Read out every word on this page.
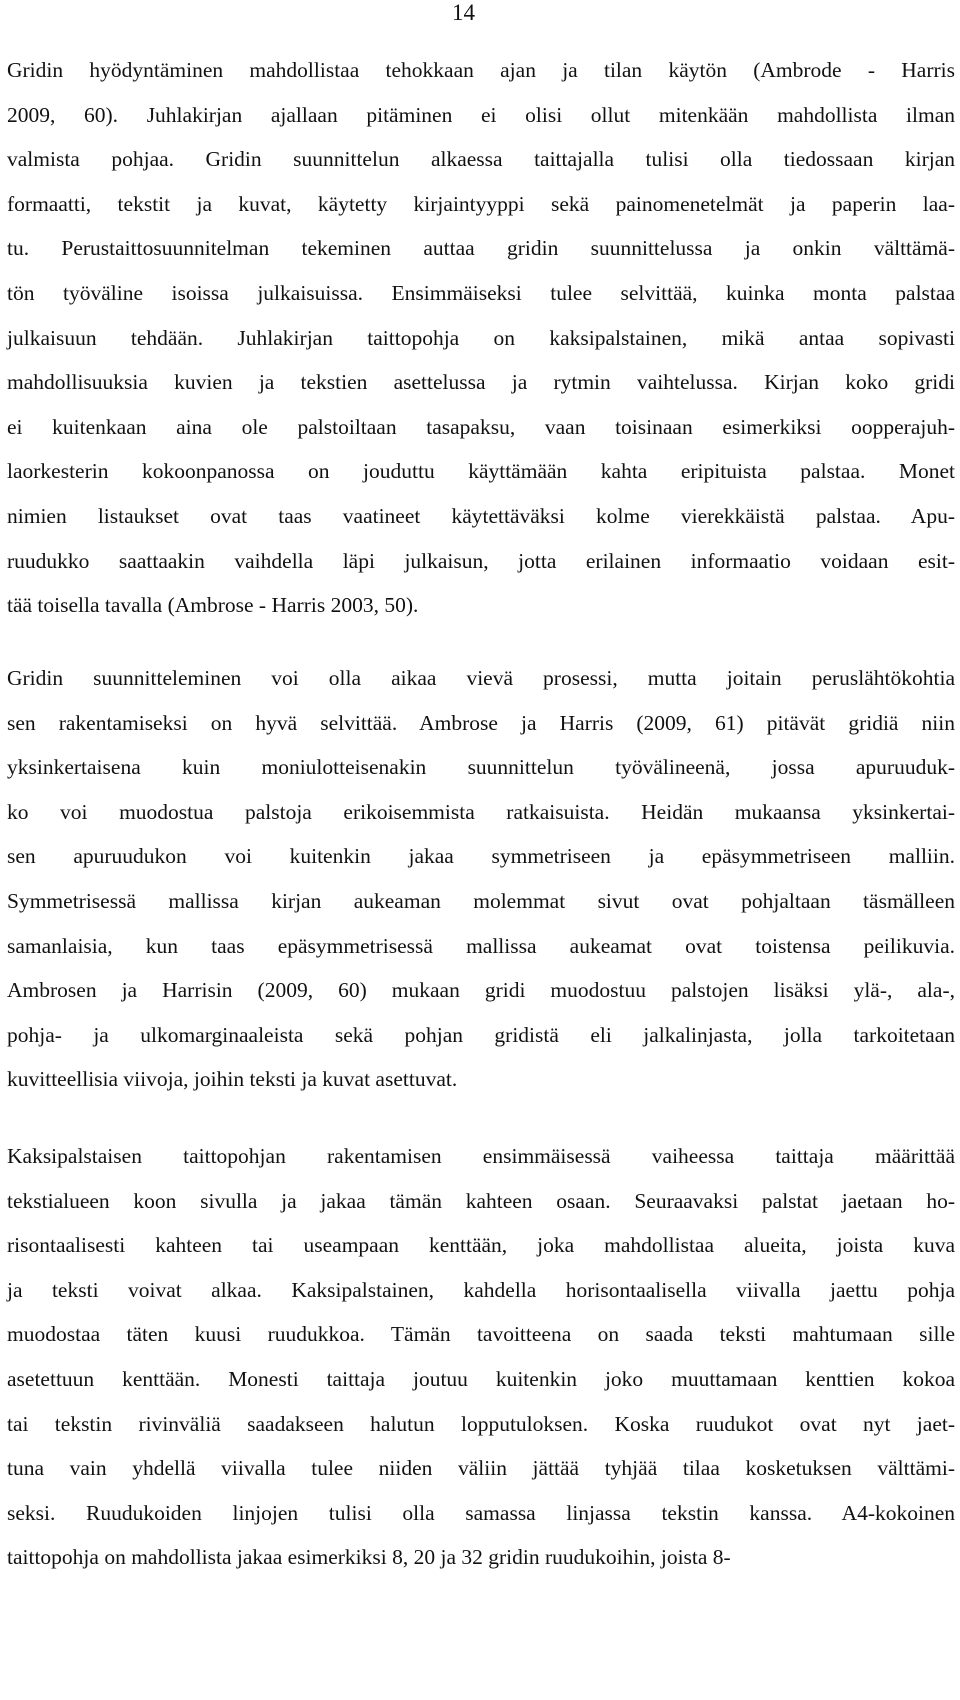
14
Gridin hyödyntäminen mahdollistaa tehokkaan ajan ja tilan käytön (Ambrode - Harris
2009, 60). Juhlakirjan ajallaan pitäminen ei olisi ollut mitenkään mahdollista ilman
valmista pohjaa. Gridin suunnittelun alkaessa taittajalla tulisi olla tiedossaan kirjan
formaatti, tekstit ja kuvat, käytetty kirjaintyyppi sekä painomenetelmät ja paperin laa-
tu. Perustaittosuunnitelman tekeminen auttaa gridin suunnittelussa ja onkin välttämä-
tön työväline isoissa julkaisuissa. Ensimmäiseksi tulee selvittää, kuinka monta palstaa
julkaisuun tehdään. Juhlakirjan taittopohja on kaksipalstainen, mikä antaa sopivasti
mahdollisuuksia kuvien ja tekstien asettelussa ja rytmin vaihtelussa. Kirjan koko gridi
ei kuitenkaan aina ole palstoiltaan tasapaksu, vaan toisinaan esimerkiksi oopperajuh-
laorkesterin kokoonpanossa on jouduttu käyttämään kahta eripituista palstaa. Monet
nimien listaukset ovat taas vaatineet käytettäväksi kolme vierekkäistä palstaa. Apu-
ruudukko saattaakin vaihdella läpi julkaisun, jotta erilainen informaatio voidaan esit-
tää toisella tavalla (Ambrose - Harris 2003, 50).
Gridin suunnitteleminen voi olla aikaa vievä prosessi, mutta joitain peruslähtökohtia
sen rakentamiseksi on hyvä selvittää. Ambrose ja Harris (2009, 61) pitävät gridiä niin
yksinkertaisena kuin moniulotteisenakin suunnittelun työvälineenä, jossa apuruuduk-
ko voi muodostua palstoja erikoisemmista ratkaisuista. Heidän mukaansa yksinkertai-
sen apuruudukon voi kuitenkin jakaa symmetriseen ja epäsymmetriseen malliin.
Symmetrisessä mallissa kirjan aukeaman molemmat sivut ovat pohjaltaan täsmälleen
samanlaisia, kun taas epäsymmetrisessä mallissa aukeamat ovat toistensa peilikuvia.
Ambrosen ja Harrisin (2009, 60) mukaan gridi muodostuu palstojen lisäksi ylä-, ala-,
pohja- ja ulkomarginaaleista sekä pohjan gridistä eli jalkalinjasta, jolla tarkoitetaan
kuvitteellisia viivoja, joihin teksti ja kuvat asettuvat.
Kaksipalstaisen taittopohjan rakentamisen ensimmäisessä vaiheessa taittaja määrittää
tekstialueen koon sivulla ja jakaa tämän kahteen osaan. Seuraavaksi palstat jaetaan ho-
risontaalisesti kahteen tai useampaan kenttään, joka mahdollistaa alueita, joista kuva
ja teksti voivat alkaa. Kaksipalstainen, kahdella horisontaalisella viivalla jaettu pohja
muodostaa täten kuusi ruudukkoa. Tämän tavoitteena on saada teksti mahtumaan sille
asetettuun kenttään. Monesti taittaja joutuu kuitenkin joko muuttamaan kenttien kokoa
tai tekstin rivinväliä saadakseen halutun lopputuloksen. Koska ruudukot ovat nyt jaet-
tuna vain yhdellä viivalla tulee niiden väliin jättää tyhjää tilaa kosketuksen välttämi-
seksi. Ruudukoiden linjojen tulisi olla samassa linjassa tekstin kanssa. A4-kokoinen
taittopohja on mahdollista jakaa esimerkiksi 8, 20 ja 32 gridin ruudukoihin, joista 8-
